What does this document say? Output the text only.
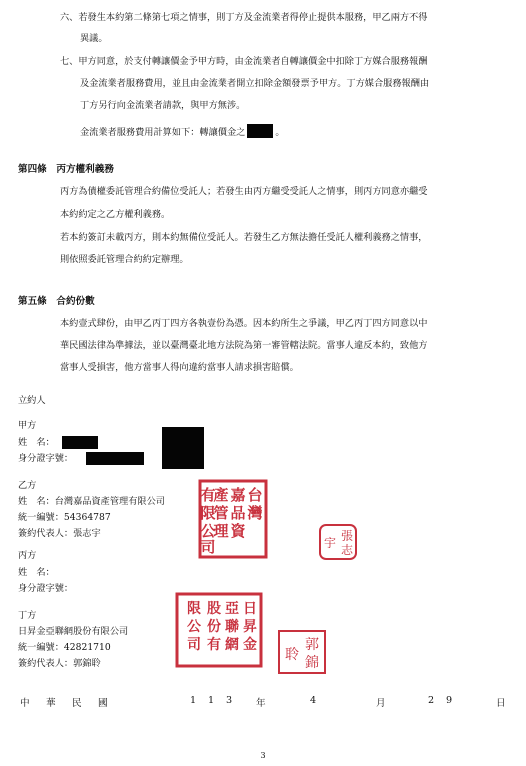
六、若發生本約第二條第七項之情事，則丁方及金流業者得停止提供本服務，甲乙兩方不得
異議。
七、甲方同意，於支付轉讓價金予甲方時，由金流業者自轉讓價金中扣除丁方媒合服務報酬
及金流業者服務費用，並且由金流業者開立扣除金額發票予甲方。丁方媒合服務報酬由
丁方另行向金流業者請款，與甲方無涉。
金流業者服務費用計算如下：轉讓價金之	。
第四條　丙方權利義務
丙方為債權委託管理合約備位受託人；若發生由丙方繼受受託人之情事，則丙方同意亦繼受
本約約定之乙方權利義務。
若本約簽訂未載丙方，則本約無備位受託人。若發生乙方無法擔任受託人權利義務之情事，
則依照委託管理合約約定辦理。
第五條　合約份數
本約壹式肆份，由甲乙丙丁四方各執壹份為憑。因本約所生之爭議，甲乙丙丁四方同意以中
華民國法律為準據法，並以臺灣臺北地方法院為第一審管轄法院。當事人違反本約，致他方
當事人受損害，他方當事人得向違約當事人請求損害賠償。
立約人
甲方
姓　名：
身分證字號：
乙方
姓　名：台灣嘉品資產管理有限公司
統一編號：54364787
簽約代表人：張志宇
台
灣
嘉
品
資
產
管
理
有
限
公
司
張
志
宇
丙方
姓　名：
身分證字號：
丁方
日昇金亞聯網股份有限公司
統一編號：42821710
簽約代表人：郭錦聆
日
昇
金
亞
聯
網
股
份
有
限
公
司	郭
錦
聆
中 華 民 國	1 1 3 年	4	月	2 9	日
3
